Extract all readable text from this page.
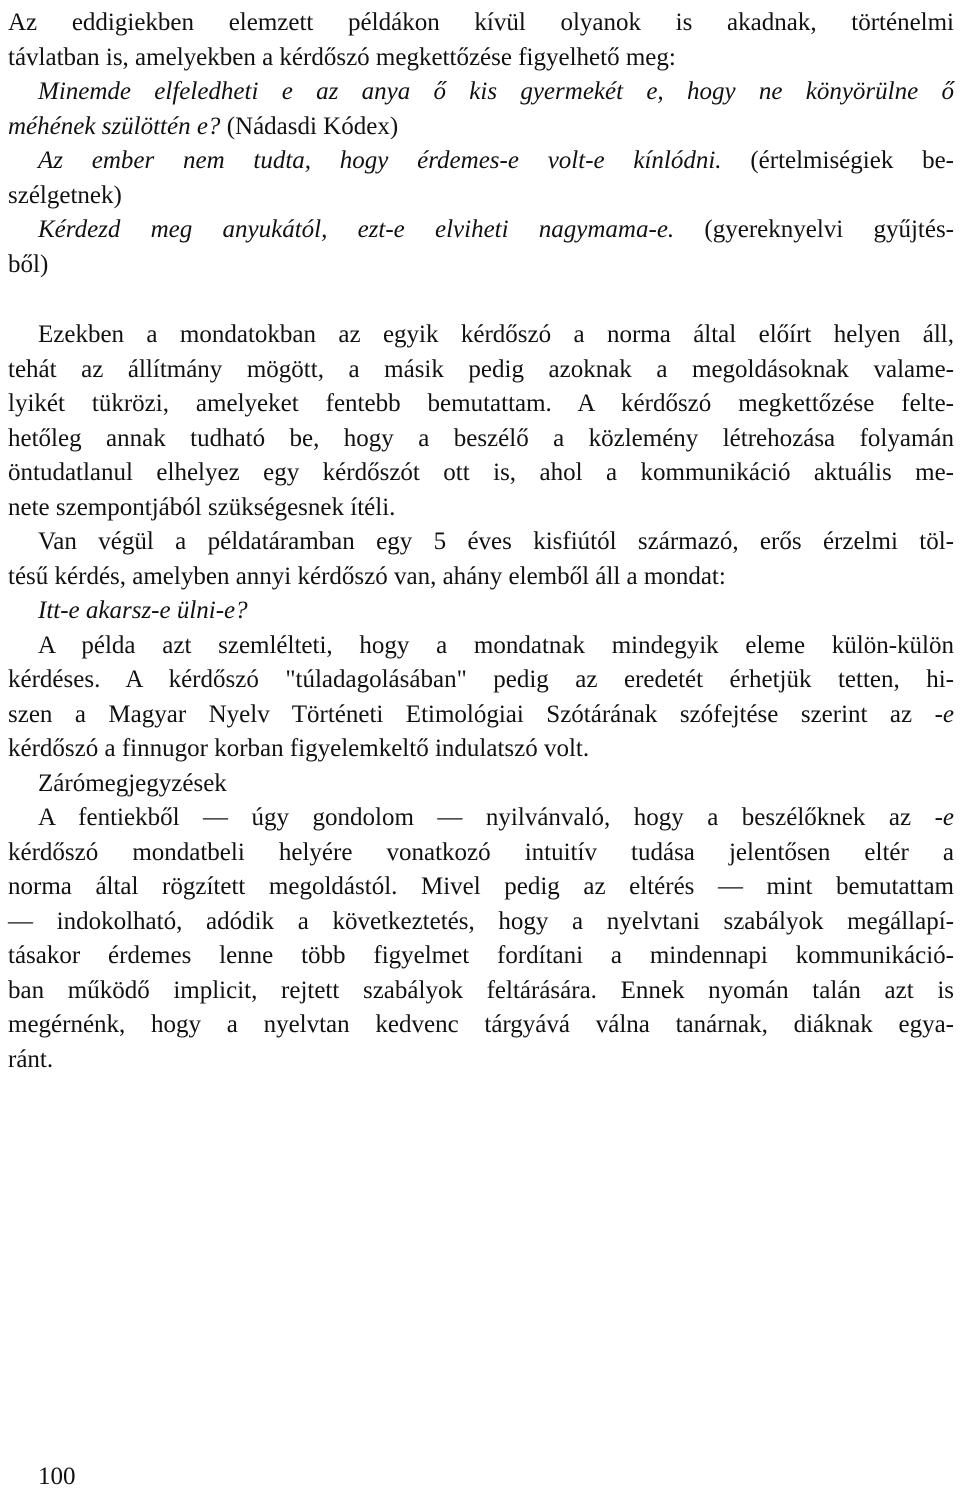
Az eddigiekben elemzett példákon kívül olyanok is akadnak, történelmi
távlatban is, amelyekben a kérdőszó megkettőzése figyelhető meg:
Minemde elfeledheti e az anya ő kis gyermekét e, hogy ne könyörülne ő
méhének szülöttén e? (Nádasdi Kódex)
Az ember nem tudta, hogy érdemes-e volt-e kínlódni. (értelmiségiek be-
szélgetnek)
Kérdezd meg anyukától, ezt-e elviheti nagymama-e. (gyereknyelvi gyűjtés-
ből)
Ezekben a mondatokban az egyik kérdőszó a norma által előírt helyen áll,
tehát az állítmány mögött, a másik pedig azoknak a megoldásoknak valame-
lyikét tükrözi, amelyeket fentebb bemutattam. A kérdőszó megkettőzése felte-
hetőleg annak tudható be, hogy a beszélő a közlemény létrehozása folyamán
öntudatlanul elhelyez egy kérdőszót ott is, ahol a kommunikáció aktuális me-
nete szempontjából szükségesnek ítéli.
Van végül a példatáramban egy 5 éves kisfiútól származó, erős érzelmi töl-
tésű kérdés, amelyben annyi kérdőszó van, ahány elemből áll a mondat:
Itt-e akarsz-e ülni-e?
A példa azt szemlélteti, hogy a mondatnak mindegyik eleme külön-külön
kérdéses. A kérdőszó "túladagolásában" pedig az eredetét érhetjük tetten, hi-
szen a Magyar Nyelv Történeti Etimológiai Szótárának szófejtése szerint az -e
kérdőszó a finnugor korban figyelemkeltő indulatszó volt.
Zárómegjegyzések
A fentiekből — úgy gondolom — nyilvánvaló, hogy a beszélőknek az -e
kérdőszó mondatbeli helyére vonatkozó intuitív tudása jelentősen eltér a
norma által rögzített megoldástól. Mivel pedig az eltérés — mint bemutattam
— indokolható, adódik a következtetés, hogy a nyelvtani szabályok megállapí-
tásakor érdemes lenne több figyelmet fordítani a mindennapi kommunikáció-
ban működő implicit, rejtett szabályok feltárására. Ennek nyomán talán azt is
megérnénk, hogy a nyelvtan kedvenc tárgyává válna tanárnak, diáknak egya-
ránt.
100
